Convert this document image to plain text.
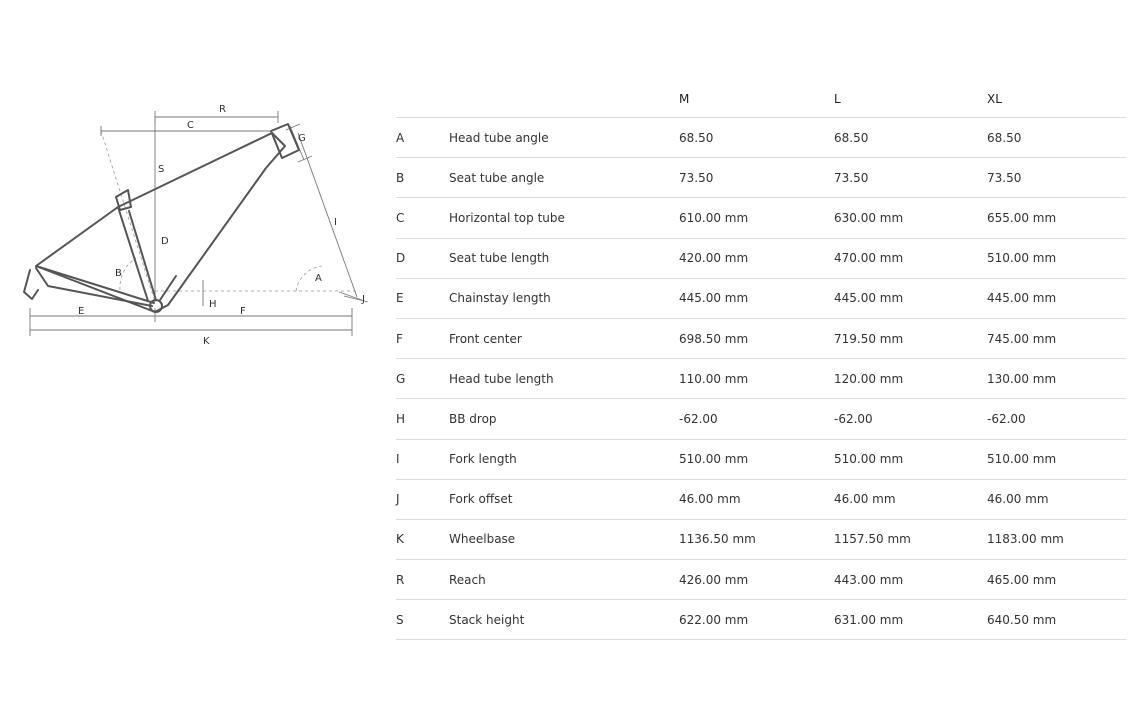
R
C
G
S
I
D
B	A
H	J
E	F
K
		M	L	XL
A	Head tube angle	68.50	68.50	68.50
B	Seat tube angle	73.50	73.50	73.50
C	Horizontal top tube	610.00 mm	630.00 mm	655.00 mm
D	Seat tube length	420.00 mm	470.00 mm	510.00 mm
E	Chainstay length	445.00 mm	445.00 mm	445.00 mm
F	Front center	698.50 mm	719.50 mm	745.00 mm
G	Head tube length	110.00 mm	120.00 mm	130.00 mm
H	BB drop	-62.00	-62.00	-62.00
I	Fork length	510.00 mm	510.00 mm	510.00 mm
J	Fork offset	46.00 mm	46.00 mm	46.00 mm
K	Wheelbase	1136.50 mm	1157.50 mm	1183.00 mm
R	Reach	426.00 mm	443.00 mm	465.00 mm
S	Stack height	622.00 mm	631.00 mm	640.50 mm
